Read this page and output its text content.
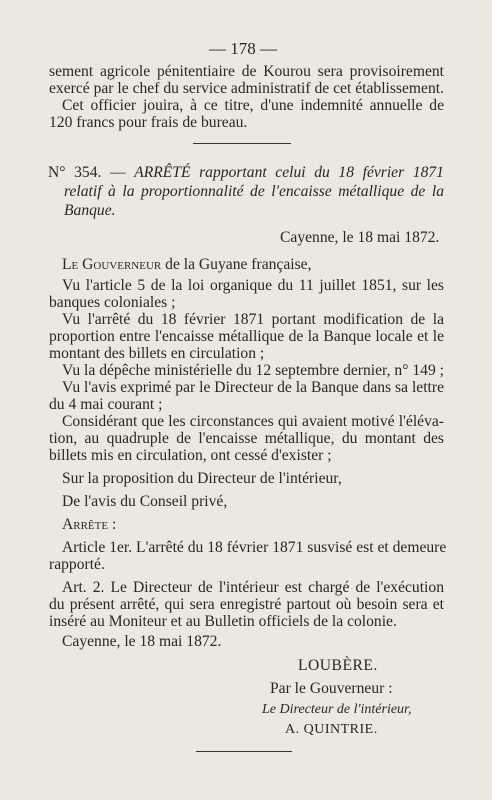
— 178 —
sement agricole pénitentiaire de Kourou sera provisoirement
exercé par le chef du service administratif de cet établissement.
Cet officier jouira, à ce titre, d'une indemnité annuelle de
120 francs pour frais de bureau.
N° 354. — ARRÊTÉ rapportant celui du 18 février 1871
relatif à la proportionnalité de l'encaisse métallique de la
Banque.
Cayenne, le 18 mai 1872.
Le Gouverneur de la Guyane française,
Vu l'article 5 de la loi organique du 11 juillet 1851, sur les
banques coloniales ;
Vu l'arrêté du 18 février 1871 portant modification de la
proportion entre l'encaisse métallique de la Banque locale et le
montant des billets en circulation ;
Vu la dépêche ministérielle du 12 septembre dernier, n° 149 ;
Vu l'avis exprimé par le Directeur de la Banque dans sa lettre
du 4 mai courant ;
Considérant que les circonstances qui avaient motivé l'éléva-
tion, au quadruple de l'encaisse métallique, du montant des
billets mis en circulation, ont cessé d'exister ;
Sur la proposition du Directeur de l'intérieur,
De l'avis du Conseil privé,
Arrête :
Article 1er. L'arrêté du 18 février 1871 susvisé est et demeure
rapporté.
Art. 2. Le Directeur de l'intérieur est chargé de l'exécution
du présent arrêté, qui sera enregistré partout où besoin sera et
inséré au Moniteur et au Bulletin officiels de la colonie.
Cayenne, le 18 mai 1872.
LOUBÈRE.
Par le Gouverneur :
Le Directeur de l'intérieur,
A. QUINTRIE.
